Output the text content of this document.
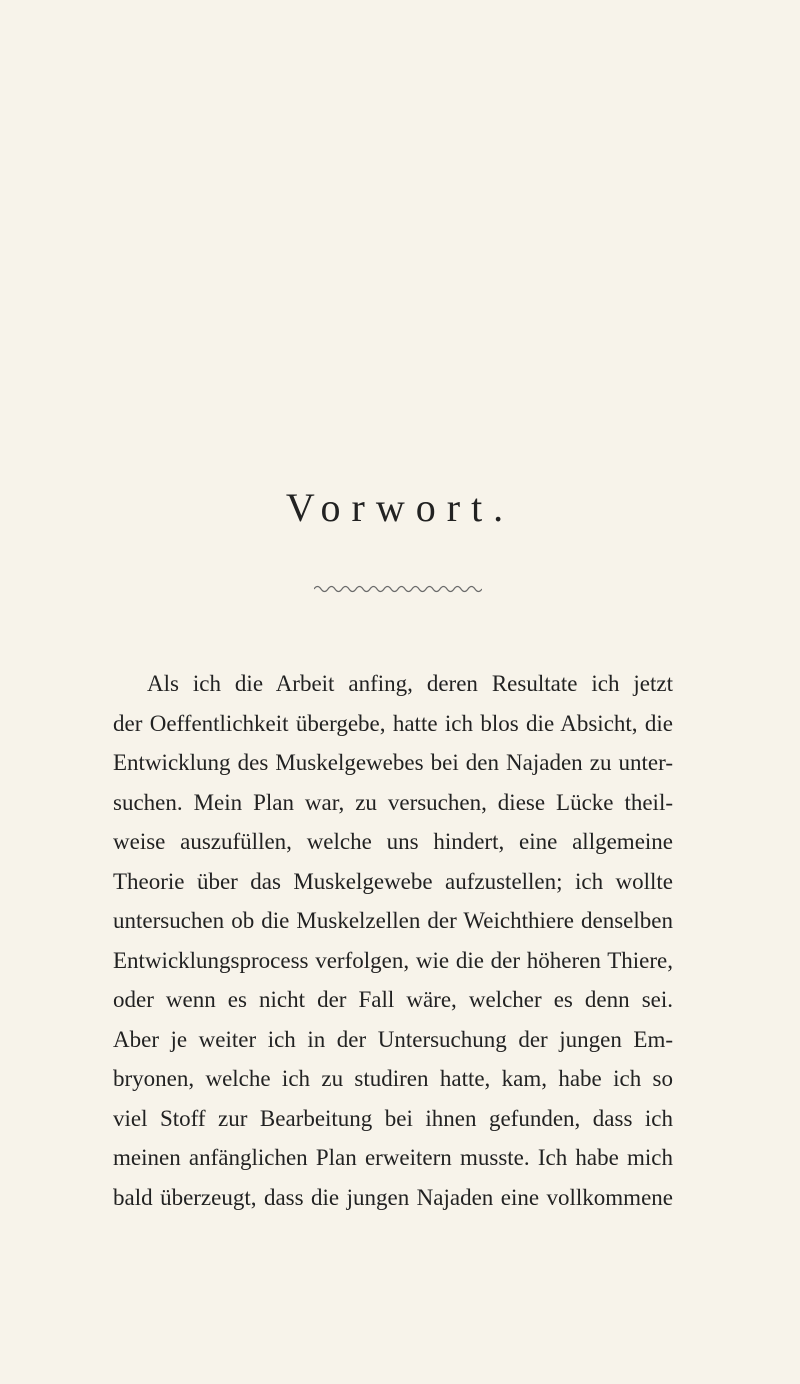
Vorwort.
Als ich die Arbeit anfing, deren Resultate ich jetzt
der Oeffentlichkeit übergebe, hatte ich blos die Absicht, die
Entwicklung des Muskelgewebes bei den Najaden zu unter-
suchen. Mein Plan war, zu versuchen, diese Lücke theil-
weise auszufüllen, welche uns hindert, eine allgemeine
Theorie über das Muskelgewebe aufzustellen; ich wollte
untersuchen ob die Muskelzellen der Weichthiere denselben
Entwicklungsprocess verfolgen, wie die der höheren Thiere,
oder wenn es nicht der Fall wäre, welcher es denn sei.
Aber je weiter ich in der Untersuchung der jungen Em-
bryonen, welche ich zu studiren hatte, kam, habe ich so
viel Stoff zur Bearbeitung bei ihnen gefunden, dass ich
meinen anfänglichen Plan erweitern musste. Ich habe mich
bald überzeugt, dass die jungen Najaden eine vollkommene
